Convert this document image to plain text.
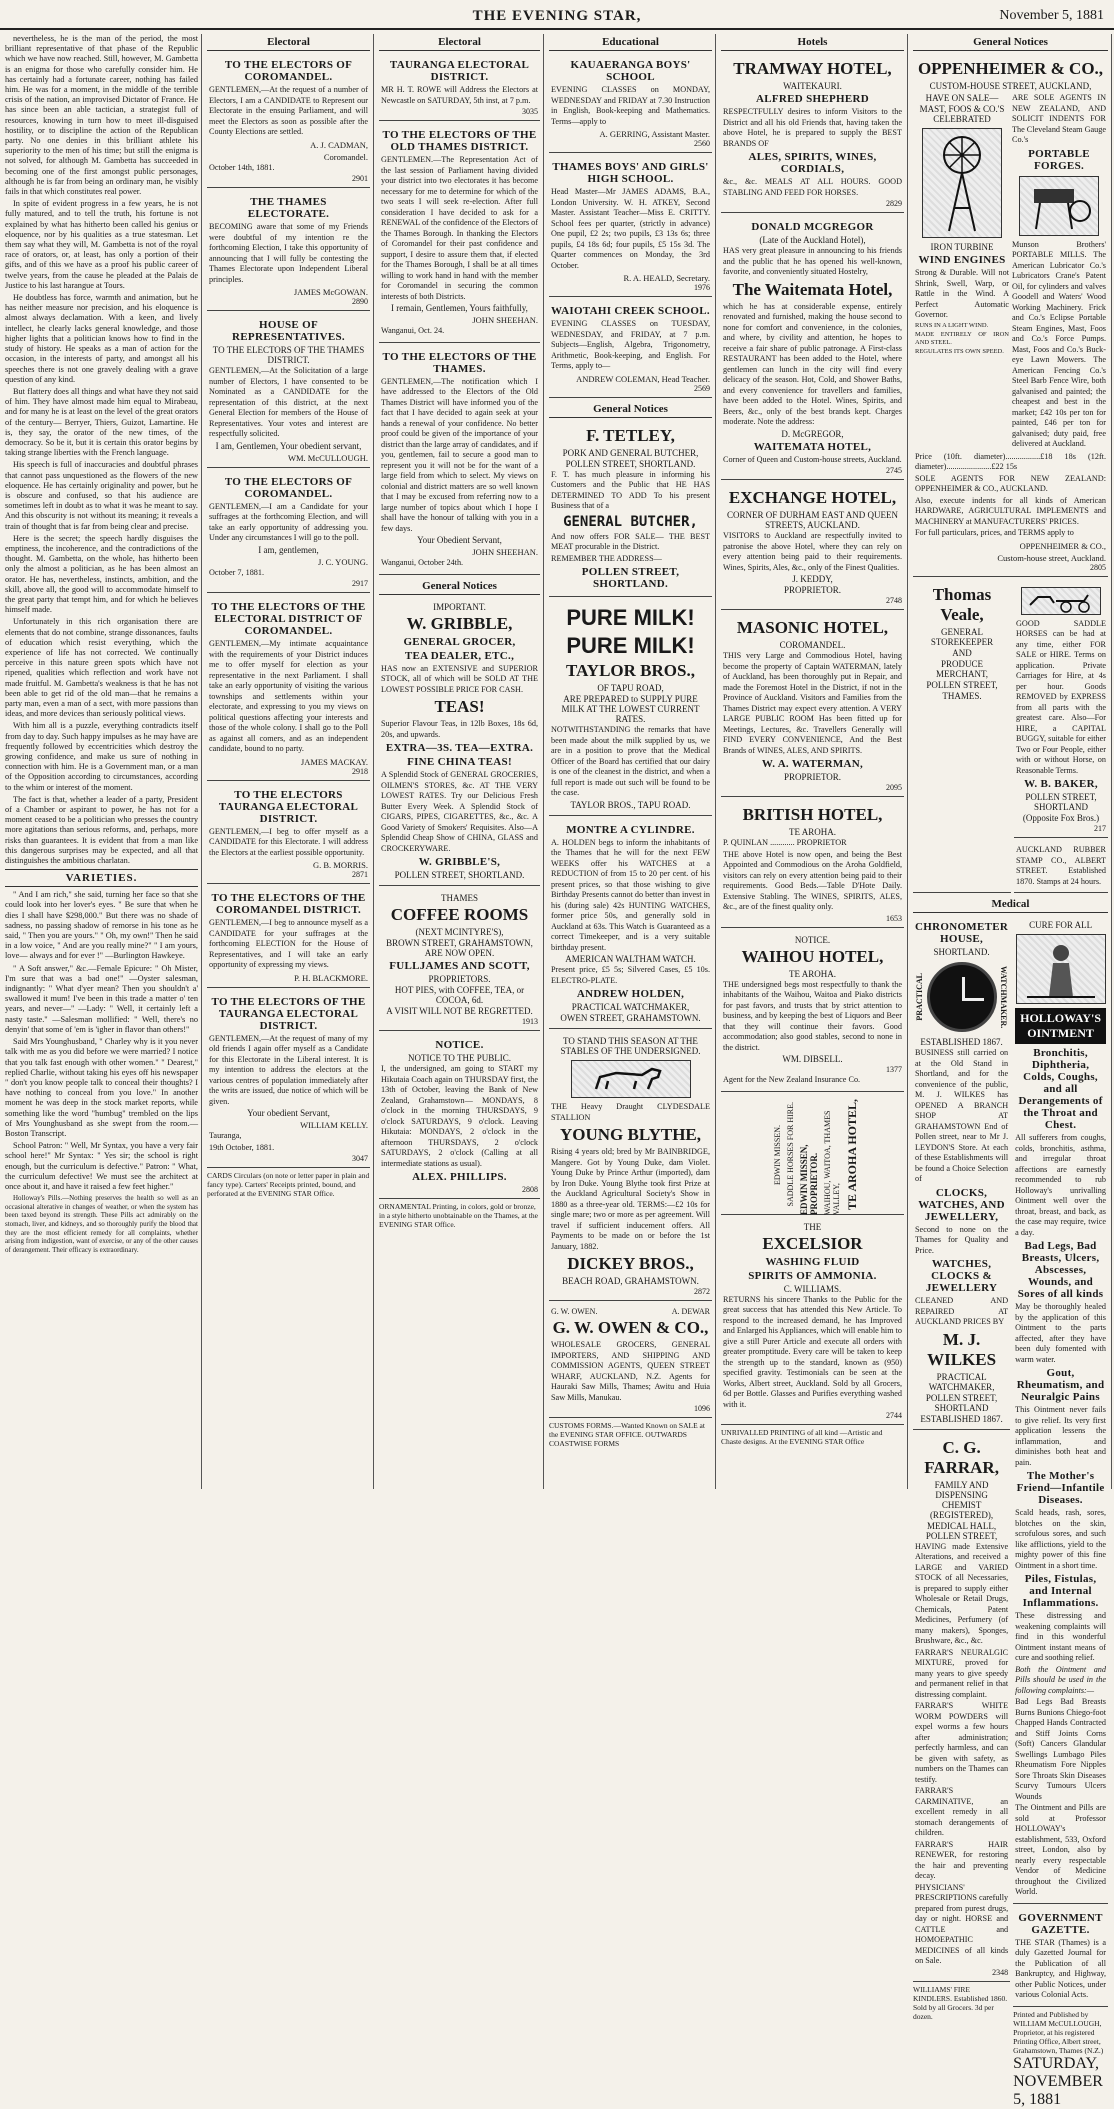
THE EVENING STAR,	November 5, 1881
nevertheless, he is the man of the period, the most brilliant representative of that phase of the Republic which we have now reached. Still, however, M. Gambetta is an enigma for those who carefully consider him. He has certainly had a fortunate career, nothing has failed him. He was for a moment, in the middle of the terrible crisis of the nation, an improvised Dictator of France. He has since been an able tactician, a strategist full of resources, knowing in turn how to meet ill-disguised hostility, or to discipline the action of the Republican party. No one denies in this brilliant athlete his superiority to the men of his time; but still the enigma is not solved, for although M. Gambetta has succeeded in becoming one of the first amongst public personages, although he is far from being an ordinary man, he visibly fails in that which constitutes real power.
In spite of evident progress in a few years, he is not fully matured, and to tell the truth, his fortune is not explained by what has hitherto been called his genius or eloquence, nor by his qualities as a true statesman. Let them say what they will, M. Gambetta is not of the royal race of orators, or, at least, has only a portion of their gifts, and of this we have as a proof his public career of twelve years, from the cause he pleaded at the Palais de Justice to his last harangue at Tours.
He doubtless has force, warmth and animation, but he has neither measure nor precision, and his eloquence is almost always declamation. With a keen, and lively intellect, he clearly lacks general knowledge, and those higher lights that a politician knows how to find in the study of history. He speaks as a man of action for the occasion, in the interests of party, and amongst all his speeches there is not one gravely dealing with a grave question of any kind.
But flattery does all things and what have they not said of him. They have almost made him equal to Mirabeau, and for many he is at least on the level of the great orators of the century— Berryer, Thiers, Guizot, Lamartine. He is, they say, the orator of the new times, of the democracy. So be it, but it is certain this orator begins by taking strange liberties with the French language.
His speech is full of inaccuracies and doubtful phrases that cannot pass unquestioned as the flowers of the new eloquence. He has certainly originality and power, but he is obscure and confused, so that his audience are sometimes left in doubt as to what it was he meant to say. And this obscurity is not without its meaning; it reveals a train of thought that is far from being clear and precise.
Here is the secret; the speech hardly disguises the emptiness, the incoherence, and the contradictions of the thought. M. Gambetta, on the whole, has hitherto been only the almost a politician, as he has been almost an orator. He has, nevertheless, instincts, ambition, and the skill, above all, the good will to accommodate himself to the great party that tempt him, and for which he believes himself made.
Unfortunately in this rich organisation there are elements that do not combine, strange dissonances, faults of education which resist everything, which the experience of life has not corrected. We continually perceive in this nature green spots which have not ripened, qualities which reflection and work have not made fruitful. M. Gambetta's weakness is that he has not been able to get rid of the old man—that he remains a party man, even a man of a sect, with more passions than ideas, and more devices than seriously political views.
With him all is a puzzle, everything contradicts itself from day to day. Such happy impulses as he may have are frequently followed by eccentricities which destroy the growing confidence, and make us sure of nothing in connection with him. He is a Government man, or a man of the Opposition according to circumstances, according to the whim or interest of the moment.
The fact is that, whether a leader of a party, President of a Chamber or aspirant to power, he has not for a moment ceased to be a politician who presses the country more agitations than serious reforms, and, perhaps, more risks than guarantees. It is evident that from a man like this dangerous surprises may be expected, and all that distinguishes the ambitious charlatan.
VARIETIES.
" And I am rich," she said, turning her face so that she could look into her lover's eyes. " Be sure that when he dies I shall have $298,000." But there was no shade of sadness, no passing shadow of remorse in his tone as he said, " Then you are yours." " Oh, my own!" Then he said in a low voice, " And are you really mine?" " I am yours, love— always and for ever !" —Burlington Hawkeye.
" A Soft answer," &c.—Female Epicure: " Oh Mister, I'm sure that was a bad one!" —Oyster salesman, indignantly: " What d'yer mean? Then you shouldn't a' swallowed it mum! I've been in this trade a matter o' ten years, and never—" —Lady: " Well, it certainly left a nasty taste." —Salesman mollified: " Well, there's no denyin' that some of 'em is 'igher in flavor than others!"
Said Mrs Younghusband, " Charley why is it you never talk with me as you did before we were married? I notice that you talk fast enough with other women." " Dearest," replied Charlie, without taking his eyes off his newspaper " don't you know people talk to conceal their thoughts? I have nothing to conceal from you love." In another moment he was deep in the stock market reports, while something like the word "humbug" trembled on the lips of Mrs Younghusband as she swept from the room.—Boston Transcript.
School Patron: " Well, Mr Syntax, you have a very fair school here!" Mr Syntax: " Yes sir; the school is right enough, but the curriculum is defective." Patron: " What, the curriculum defective! We must see the architect at once about it, and have it raised a few feet higher."
Holloway's Pills.—Nothing preserves the health so well as an occasional alterative in changes of weather, or when the system has been taxed beyond its strength. These Pills act admirably on the stomach, liver, and kidneys, and so thoroughly purify the blood that they are the most efficient remedy for all complaints, whether arising from indigestion, want of exercise, or any of the other causes of derangement. Their efficacy is extraordinary.
Electoral
TO THE ELECTORS OF COROMANDEL.

GENTLEMEN,—At the request of a number of Electors, I am a CANDIDATE to Represent our Electorate in the ensuing Parliament, and will meet the Electors as soon as possible after the County Elections are settled.

A. J. CADMAN,
Coromandel.

October 14th, 1881.

2901
THE THAMES ELECTORATE.

BECOMING aware that some of my Friends were doubtful of my intention re the forthcoming Election, I take this opportunity of announcing that I will fully be contesting the Thames Electorate upon Independent Liberal principles.

JAMES McGOWAN.
2890
HOUSE OF REPRESENTATIVES.
TO THE ELECTORS OF THE THAMES DISTRICT.

GENTLEMEN,—At the Solicitation of a large number of Electors, I have consented to be Nominated as a CANDIDATE for the representation of this district, at the next General Election for members of the House of Representatives. Your votes and interest are respectfully solicited.

I am, Gentlemen, Your obedient servant,
WM. McCULLOUGH.
TO THE ELECTORS OF COROMANDEL.

GENTLEMEN,—I am a Candidate for your suffrages at the forthcoming Election, and will take an early opportunity of addressing you. Under any circumstances I will go to the poll.

I am, gentlemen,
J. C. YOUNG.

October 7, 1881.

2917
TO THE ELECTORS OF THE ELECTORAL DISTRICT OF COROMANDEL.

GENTLEMEN,—My intimate acquaintance with the requirements of your District induces me to offer myself for election as your representative in the next Parliament. I shall take an early opportunity of visiting the various townships and settlements within your electorate, and expressing to you my views on political questions affecting your interests and those of the whole colony. I shall go to the Poll as against all comers, and as an independent candidate, bound to no party.

JAMES MACKAY.
2918
TO THE ELECTORS TAURANGA ELECTORAL DISTRICT.

GENTLEMEN,—I beg to offer myself as a CANDIDATE for this Electorate. I will address the Electors at the earliest possible opportunity.

G. B. MORRIS.
2871
TO THE ELECTORS OF THE COROMANDEL DISTRICT.

GENTLEMEN,—I beg to announce myself as a CANDIDATE for your suffrages at the forthcoming ELECTION for the House of Representatives, and I will take an early opportunity of expressing my views.

P. H. BLACKMORE.
TO THE ELECTORS OF THE TAURANGA ELECTORAL DISTRICT.

GENTLEMEN,—At the request of many of my old friends I again offer myself as a Candidate for this Electorate in the Liberal interest. It is my intention to address the electors at the various centres of population immediately after the writs are issued, due notice of which will be given.

Your obedient Servant,
WILLIAM KELLY.

Tauranga,

19th October, 1881.

3047

CARDS Circulars (on note or letter paper in plain and fancy type). Carters' Receipts printed, bound, and perforated at the EVENING STAR Office.

Electoral
TAURANGA ELECTORAL DISTRICT.

MR H. T. ROWE will Address the Electors at Newcastle on SATURDAY, 5th inst, at 7 p.m.

3035
TO THE ELECTORS OF THE OLD THAMES DISTRICT.

GENTLEMEN.—The Representation Act of the last session of Parliament having divided your district into two electorates it has become necessary for me to determine for which of the two seats I will seek re-election. After full consideration I have decided to ask for a RENEWAL of the confidence of the Electors of the Thames Borough. In thanking the Electors of Coromandel for their past confidence and support, I desire to assure them that, if elected for the Thames Borough, I shall be at all times willing to work hand in hand with the member for Coromandel in securing the common interests of both Districts.

I remain, Gentlemen, Yours faithfully,
JOHN SHEEHAN.

Wanganui, Oct. 24.

TO THE ELECTORS OF THE THAMES.

GENTLEMEN,—The notification which I have addressed to the Electors of the Old Thames District will have informed you of the fact that I have decided to again seek at your hands a renewal of your confidence. No better proof could be given of the importance of your district than the large array of candidates, and if you, gentlemen, fail to secure a good man to represent you it will not be for the want of a large field from which to select. My views on colonial and district matters are so well known that I may be excused from referring now to a large number of topics about which I hope I shall have the honour of talking with you in a few days.

Your Obedient Servant,
JOHN SHEEHAN.

Wanganui, October 24th.

General Notices
IMPORTANT.
W. GRIBBLE,
GENERAL GROCER,
TEA DEALER, ETC.,

HAS now an EXTENSIVE and SUPERIOR STOCK, all of which will be SOLD AT THE LOWEST POSSIBLE PRICE FOR CASH.

TEAS!

Superior Flavour Teas, in 12lb Boxes, 18s 6d, 20s, and upwards.

EXTRA—3S. TEA—EXTRA.
FINE CHINA TEAS!

A Splendid Stock of GENERAL GROCERIES, OILMEN'S STORES, &c. AT THE VERY LOWEST RATES. Try our Delicious Fresh Butter Every Week. A Splendid Stock of CIGARS, PIPES, CIGARETTES, &c., &c. A Good Variety of Smokers' Requisites. Also—A Splendid Cheap Show of CHINA, GLASS and CROCKERYWARE.

W. GRIBBLE'S,
POLLEN STREET, SHORTLAND.
THAMES
COFFEE ROOMS
(NEXT MCINTYRE'S),
BROWN STREET, GRAHAMSTOWN, ARE NOW OPEN.
FULLJAMES AND SCOTT,
PROPRIETORS.
HOT PIES, with COFFEE, TEA, or COCOA, 6d.
A VISIT WILL NOT BE REGRETTED.
1913
NOTICE.
NOTICE TO THE PUBLIC.

I, the undersigned, am going to START my Hikutaia Coach again on THURSDAY first, the 13th of October, leaving the Bank of New Zealand, Grahamstown— MONDAYS, 8 o'clock in the morning THURSDAYS, 9 o'clock SATURDAYS, 9 o'clock. Leaving Hikutaia: MONDAYS, 2 o'clock in the afternoon THURSDAYS, 2 o'clock SATURDAYS, 2 o'clock (Calling at all intermediate stations as usual).

ALEX. PHILLIPS.
2808

ORNAMENTAL Printing, in colors, gold or bronze, in a style hitherto unobtainable on the Thames, at the EVENING STAR Office.

Educational
KAUAERANGA BOYS' SCHOOL

EVENING CLASSES on MONDAY, WEDNESDAY and FRIDAY at 7.30 Instruction in English, Book-keeping and Mathematics. Terms—apply to

A. GERRING, Assistant Master.
2560
THAMES BOYS' AND GIRLS' HIGH SCHOOL.

Head Master—Mr JAMES ADAMS, B.A., London University. W. H. ATKEY, Second Master. Assistant Teacher—Miss E. CRITTY. School fees per quarter, (strictly in advance) One pupil, £2 2s; two pupils, £3 13s 6s; three pupils, £4 18s 6d; four pupils, £5 15s 3d. The Quarter commences on Monday, the 3rd October.

R. A. HEALD, Secretary.
1976
WAIOTAHI CREEK SCHOOL.

EVENING CLASSES on TUESDAY, WEDNESDAY, and FRIDAY, at 7 p.m. Subjects—English, Algebra, Trigonometry, Arithmetic, Book-keeping, and English. For Terms, apply to—

ANDREW COLEMAN, Head Teacher.
2569
General Notices
F. TETLEY,
PORK AND GENERAL BUTCHER,
POLLEN STREET, SHORTLAND.

F. T. has much pleasure in informing his Customers and the Public that HE HAS DETERMINED TO ADD To his present Business that of a

GENERAL BUTCHER,

And now offers FOR SALE— THE BEST MEAT procurable in the District.

REMEMBER THE ADDRESS—

POLLEN STREET, SHORTLAND.
PURE MILK!
PURE MILK!
TAYLOR BROS.,
OF TAPU ROAD,
ARE PREPARED to SUPPLY PURE MILK AT THE LOWEST CURRENT RATES.

NOTWITHSTANDING the remarks that have been made about the milk supplied by us, we are in a position to prove that the Medical Officer of the Board has certified that our dairy is one of the cleanest in the district, and when a full report is made out such will be found to be the case.

TAYLOR BROS., TAPU ROAD.
MONTRE A CYLINDRE.

A. HOLDEN begs to inform the inhabitants of the Thames that he will for the next FEW WEEKS offer his WATCHES at a REDUCTION of from 15 to 20 per cent. of his present prices, so that those wishing to give Birthday Presents cannot do better than invest in his (during sale) 42s HUNTING WATCHES, former price 50s, and generally sold in Auckland at 63s. This Watch is Guaranteed as a correct Timekeeper, and is a very suitable birthday present.

AMERICAN WALTHAM WATCH.

Present price, £5 5s; Silvered Cases, £5 10s. ELECTRO-PLATE.

ANDREW HOLDEN,
PRACTICAL WATCHMAKER,
OWEN STREET, GRAHAMSTOWN.
TO STAND THIS SEASON AT THE STABLES OF THE UNDERSIGNED.

THE Heavy Draught CLYDESDALE STALLION

YOUNG BLYTHE,

Rising 4 years old; bred by Mr BAINBRIDGE, Mangere. Got by Young Duke, dam Violet. Young Duke by Prince Arthur (imported), dam by Iron Duke. Young Blythe took first Prize at the Auckland Agricultural Society's Show in 1880 as a three-year old. TERMS:—£2 10s for single mare; two or more as per agreement. Will travel if sufficient inducement offers. All Payments to be made on or before the 1st January, 1882.

DICKEY BROS.,
BEACH ROAD, GRAHAMSTOWN.
2872
G. W. OWEN.	A. DEWAR
G. W. OWEN & CO.,

WHOLESALE GROCERS, GENERAL IMPORTERS, AND SHIPPING AND COMMISSION AGENTS, QUEEN STREET WHARF, AUCKLAND, N.Z. Agents for Hauraki Saw Mills, Thames; Awitu and Huia Saw Mills, Manukau.

1096

CUSTOMS FORMS.—Wanted Known on SALE at the EVENING STAR OFFICE. OUTWARDS COASTWISE FORMS

Hotels
TRAMWAY HOTEL,
WAITEKAURI.
ALFRED SHEPHERD

RESPECTFULLY desires to inform Visitors to the District and all his old Friends that, having taken the above Hotel, he is prepared to supply the BEST BRANDS OF

ALES, SPIRITS, WINES, CORDIALS,

&c., &c. MEALS AT ALL HOURS. GOOD STABLING AND FEED FOR HORSES.

2829
DONALD MCGREGOR
(Late of the Auckland Hotel),

HAS very great pleasure in announcing to his friends and the public that he has opened his well-known, favorite, and conveniently situated Hostelry,

The Waitemata Hotel,

which he has at considerable expense, entirely renovated and furnished, making the house second to none for comfort and convenience, in the colonies, and where, by civility and attention, he hopes to receive a fair share of public patronage. A First-class RESTAURANT has been added to the Hotel, where gentlemen can lunch in the city will find every delicacy of the season. Hot, Cold, and Shower Baths, and every convenience for travellers and families, have been added to the Hotel. Wines, Spirits, and Beers, &c., only of the best brands kept. Charges moderate. Note the address:

D. McGREGOR,
WAITEMATA HOTEL,

Corner of Queen and Custom-house streets, Auckland.

2745
EXCHANGE HOTEL,
CORNER OF DURHAM EAST AND QUEEN STREETS, AUCKLAND.

VISITORS to Auckland are respectfully invited to patronise the above Hotel, where they can rely on every attention being paid to their requirements. Wines, Spirits, Ales, &c., only of the Finest Qualities.

J. KEDDY,
PROPRIETOR.
2748
MASONIC HOTEL,
COROMANDEL.

THIS very Large and Commodious Hotel, having become the property of Captain WATERMAN, lately of Auckland, has been thoroughly put in Repair, and made the Foremost Hotel in the District, if not in the Province of Auckland. Visitors and Families from the Thames District may expect every attention. A VERY LARGE PUBLIC ROOM Has been fitted up for Meetings, Lectures, &c. Travellers Generally will FIND EVERY CONVENIENCE, And the Best Brands of WINES, ALES, AND SPIRITS.

W. A. WATERMAN,
PROPRIETOR.
2095
BRITISH HOTEL,
TE AROHA.

P. QUINLAN ............ PROPRIETOR

THE above Hotel is now open, and being the Best Appointed and Commodious on the Aroha Goldfield, visitors can rely on every attention being paid to their requirements. Good Beds.—Table D'Hote Daily. Extensive Stabling. The WINES, SPIRITS, ALES, &c., are of the finest quality only.

1653
NOTICE.
WAIHOU HOTEL,
TE AROHA.

THE undersigned begs most respectfully to thank the inhabitants of the Waihou, Waitoa and Piako districts for past favors, and trusts that by strict attention to business, and by keeping the best of Liquors and Beer that they will continue their favors. Good accommodation; also good stables, second to none in the district.

WM. DIBSELL.
1377

Agent for the New Zealand Insurance Co.

EDWIN MISSEN. SADDLE HORSES FOR HIRE. EDWIN MISSEN, PROPRIETOR. WAIHOU, WAITOA, THAMES VALLEY, TE AROHA HOTEL,
THE
EXCELSIOR
WASHING FLUID
SPIRITS OF AMMONIA.
C. WILLIAMS.

RETURNS his sincere Thanks to the Public for the great success that has attended this New Article. To respond to the increased demand, he has Improved and Enlarged his Appliances, which will enable him to give a still Purer Article and execute all orders with greater promptitude. Every care will be taken to keep the strength up to the standard, known as (950) specified gravity. Testimonials can be seen at the Works, Albert street, Auckland. Sold by all Grocers, 6d per Bottle. Glasses and Purifies everything washed with it.

2744

UNRIVALLED PRINTING of all kind —Artistic and Chaste designs. At the EVENING STAR Office

General Notices
OPPENHEIMER & CO.,
CUSTOM-HOUSE STREET, AUCKLAND,
HAVE ON SALE—
MAST, FOOS & CO.'S CELEBRATED
IRON TURBINE
WIND ENGINES

Strong & Durable. Will not Shrink, Swell, Warp, or Rattle in the Wind. A Perfect Automatic Governor.

RUNS IN A LIGHT WIND.

MADE ENTIRELY OF IRON AND STEEL.

REGULATES ITS OWN SPEED.

ARE SOLE AGENTS IN NEW ZEALAND, AND SOLICIT INDENTS FOR The Cleveland Steam Gauge Co.'s

PORTABLE FORGES.

Munson Brothers' PORTABLE MILLS. The American Lubricator Co.'s Lubricators Crane's Patent Oil, for cylinders and valves Goodell and Waters' Wood Working Machinery. Frick and Co.'s Eclipse Portable Steam Engines, Mast, Foos and Co.'s Force Pumps. Mast, Foos and Co.'s Buck-eye Lawn Mowers. The American Fencing Co.'s Steel Barb Fence Wire, both galvanised and painted; the cheapest and best in the market; £42 10s per ton for painted, £46 per ton for galvanised; duty paid, free delivered at Auckland.

Price (10ft. diameter).................£18 18s (12ft. diameter)......................£22 15s

SOLE AGENTS FOR NEW ZEALAND: OPPENHEIMER & CO., AUCKLAND.

Also, execute indents for all kinds of American HARDWARE, AGRICULTURAL IMPLEMENTS and MACHINERY at MANUFACTURERS' PRICES.

For full particulars, prices, and TERMS apply to

OPPENHEIMER & CO.,
Custom-house street, Auckland.
2805
Thomas Veale,
GENERAL STOREKEEPER
AND
PRODUCE MERCHANT,
POLLEN STREET,
THAMES.

GOOD SADDLE HORSES can be had at any time, either FOR SALE or HIRE. Terms on application. Private Carriages for Hire, at 4s per hour. Goods REMOVED by EXPRESS from all parts with the greatest care. Also—For HIRE, a CAPITAL BUGGY, suitable for either Two or Four People, either with or without Horse, on Reasonable Terms.

W. B. BAKER,
POLLEN STREET, SHORTLAND
(Opposite Fox Bros.)
217

AUCKLAND RUBBER STAMP CO., ALBERT STREET. Established 1870. Stamps at 24 hours.

Medical
CHRONOMETER HOUSE,
SHORTLAND.
PRACTICAL	WATCHMAKER.
ESTABLISHED 1867.

BUSINESS still carried on at the Old Stand in Shortland, and for the convenience of the public, M. J. WILKES has OPENED A BRANCH SHOP AT GRAHAMSTOWN End of Pollen street, near to Mr J. LEYDON'S Store. At each of these Establishments will be found a Choice Selection of

CLOCKS, WATCHES, AND JEWELLERY,

Second to none on the Thames for Quality and Price.

WATCHES, CLOCKS & JEWELLERY

CLEANED AND REPAIRED AT AUCKLAND PRICES BY

M. J. WILKES
PRACTICAL WATCHMAKER,
POLLEN STREET, SHORTLAND
ESTABLISHED 1867.
C. G. FARRAR,
FAMILY AND DISPENSING CHEMIST (REGISTERED),
MEDICAL HALL, POLLEN STREET,

HAVING made Extensive Alterations, and received a LARGE and VARIED STOCK of all Necessaries, is prepared to supply either Wholesale or Retail Drugs, Chemicals, Patent Medicines, Perfumery (of many makers), Sponges, Brushware, &c., &c.

FARRAR'S NEURALGIC MIXTURE, proved for many years to give speedy and permanent relief in that distressing complaint.

FARRAR'S WHITE WORM POWDERS will expel worms a few hours after administration; perfectly harmless, and can be given with safety, as numbers on the Thames can testify.

FARRAR'S CARMINATIVE, an excellent remedy in all stomach derangements of children.

FARRAR'S HAIR RENEWER, for restoring the hair and preventing decay.

PHYSICIANS' PRESCRIPTIONS carefully prepared from purest drugs, day or night. HORSE and CATTLE and HOMOEPATHIC MEDICINES of all kinds on Sale.

2348

WILLIAMS' FIRE KINDLERS. Established 1860. Sold by all Grocers. 3d per dozen.

CURE FOR ALL
HOLLOWAY'S OINTMENT
Bronchitis, Diphtheria, Colds, Coughs, and all Derangements of the Throat and Chest.

All sufferers from coughs, colds, bronchitis, asthma, and irregular throat affections are earnestly recommended to rub Holloway's unrivalling Ointment well over the throat, breast, and back, as the case may require, twice a day.

Bad Legs, Bad Breasts, Ulcers, Abscesses, Wounds, and Sores of all kinds

May be thoroughly healed by the application of this Ointment to the parts affected, after they have been duly fomented with warm water.

Gout, Rheumatism, and Neuralgic Pains

This Ointment never fails to give relief. Its very first application lessens the inflammation, and diminishes both heat and pain.

The Mother's Friend—Infantile Diseases.

Scald heads, rash, sores, blotches on the skin, scrofulous sores, and such like afflictions, yield to the mighty power of this fine Ointment in a short time.

Piles, Fistulas, and Internal Inflammations.

These distressing and weakening complaints will find in this wonderful Ointment instant means of cure and soothing relief.

Both the Ointment and Pills should be used in the following complaints:—

Bad Legs Bad Breasts Burns Bunions Chiego-foot Chapped Hands Contracted and Stiff Joints Corns (Soft) Cancers Glandular Swellings Lumbago Piles Rheumatism Fore Nipples Sore Throats Skin Diseases Scurvy Tumours Ulcers Wounds

The Ointment and Pills are sold at Professor HOLLOWAY's establishment, 533, Oxford street, London, also by nearly every respectable Vendor of Medicine throughout the Civilized World.

GOVERNMENT GAZETTE.

THE STAR (Thames) is a duly Gazetted Journal for the Publication of all Bankruptcy, and Highway, other Public Notices, under various Colonial Acts.

Printed and Published by WILLIAM McCULLOUGH, Proprietor, at his registered Printing Office, Albert street, Grahamstown, Thames (N.Z.)

SATURDAY, NOVEMBER 5, 1881
